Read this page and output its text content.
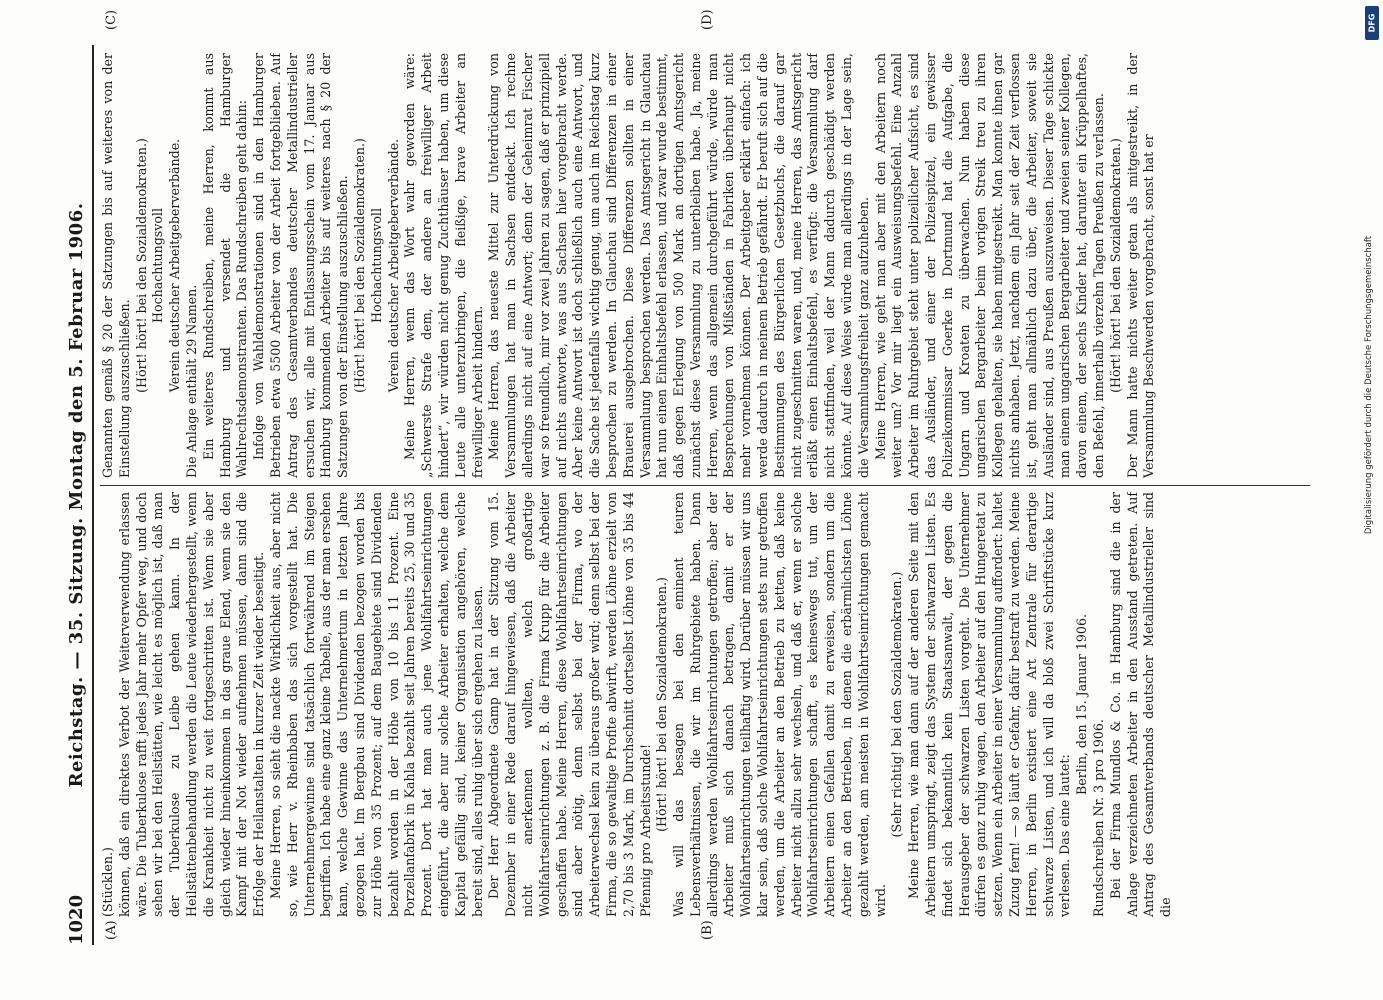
1020
Reichstag. — 35. Sitzung. Montag den 5. Februar 1906.
(A)	(B)
(C)	(D)

(Stücklen.) können, daß ein direktes Verbot der Weiterverwendung erlassen wäre. Die Tuberkulose rafft jedes Jahr mehr Opfer weg, und doch sehen wir bei den Heilstätten, wie leicht es möglich ist, daß man der Tuberkulose zu Leibe gehen kann. In der Heilstättenbehandlung werden die Leute wiederhergestellt, wenn die Krankheit nicht zu weit fortgeschritten ist. Wenn sie aber gleich wieder hineinkommen in das graue Elend, wenn sie den Kampf mit der Not wieder aufnehmen müssen, dann sind die Erfolge der Heilanstalten in kurzer Zeit wieder beseitigt. Meine Herren, so sieht die nackte Wirklichkeit aus, aber nicht so, wie Herr v. Rheinbaben das sich vorgestellt hat. Die Unternehmergewinne sind tatsächlich fortwährend im Steigen begriffen. Ich habe eine ganz kleine Tabelle, aus der man ersehen kann, welche Gewinne das Unternehmertum in letzten Jahre gezogen hat. Im Bergbau sind Dividenden bezogen worden bis zur Höhe von 35 Prozent; auf dem Baugebiete sind Dividenden bezahlt worden in der Höhe von 10 bis 11 Prozent. Eine Porzellanfabrik in Kahla bezahlt seit Jahren bereits 25, 30 und 35 Prozent. Dort hat man auch jene Wohlfahrtseinrichtungen eingeführt, die aber nur solche Arbeiter erhalten, welche dem Kapital gefällig sind, keiner Organisation angehören, welche bereit sind, alles ruhig über sich ergehen zu lassen. Der Herr Abgeordnete Gamp hat in der Sitzung vom 15. Dezember in einer Rede darauf hingewiesen, daß die Arbeiter nicht anerkennen wollten, welch großartige Wohlfahrtseinrichtungen z. B. die Firma Krupp für die Arbeiter geschaffen habe. Meine Herren, diese Wohlfahrtseinrichtungen sind aber nötig, denn selbst bei der Firma, wo der Arbeiterwechsel kein zu überaus großer wird; denn selbst bei der Firma, die so gewaltige Profite abwirft, werden Löhne erzielt von 2,70 bis 3 Mark, im Durchschnitt dortselbst Löhne von 35 bis 44 Pfennig pro Arbeitsstunde! (Hört! hört! bei den Sozialdemokraten.) Was will das besagen bei den eminent teuren Lebensverhältnissen, die wir im Ruhrgebiete haben. Dann allerdings werden Wohlfahrtseinrichtungen getroffen; aber der Arbeiter muß sich danach betragen, damit er der Wohlfahrtseinrichtungen teilhaftig wird. Darüber müssen wir uns klar sein, daß solche Wohlfahrtseinrichtungen stets nur getroffen werden, um die Arbeiter an den Betrieb zu ketten, daß keine Arbeiter nicht allzu sehr wechseln, und daß er, wenn er solche Wohlfahrtseinrichtungen schafft, es keineswegs tut, um der Arbeitern einen Gefallen damit zu erweisen, sondern um die Arbeiter an den Betrieben, in denen die erbärmlichsten Löhne gezahlt werden, am meisten in Wohlfahrtseinrichtungen gemacht wird.

(Sehr richtig! bei den Sozialdemokraten.) Meine Herren, wie man dann auf der anderen Seite mit den Arbeitern umspringt, zeigt das System der schwarzen Listen. Es findet sich bekanntlich kein Staatsanwalt, der gegen die Herausgeber der schwarzen Listen vorgeht. Die Unternehmer dürfen es ganz ruhig wagen, den Arbeiter auf den Hungeretat zu setzen. Wenn ein Arbeiter in einer Versammlung auffordert: haltet Zuzug fern! — so läuft er Gefahr, dafür bestraft zu werden. Meine Herren, in Berlin existiert eine Art Zentrale für derartige schwarze Listen, und ich will da bloß zwei Schriftstücke kurz verlesen. Das eine lautet:

Berlin, den 15. Januar 1906.

Rundschreiben Nr. 3 pro 1906. Bei der Firma Mundlos & Co. in Hamburg sind die in der Anlage verzeichneten Arbeiter in den Ausstand getreten. Auf Antrag des Gesamtverbands deutscher Metallindustrieller sind die

Genannten gemäß § 20 der Satzungen bis auf weiteres von der Einstellung auszuschließen. (Hört! hört! bei den Sozialdemokraten.) Hochachtungsvoll Verein deutscher Arbeitgeberverbände. Die Anlage enthält 29 Namen. Ein weiteres Rundschreiben, meine Herren, kommt aus Hamburg und versendet die Hamburger Wahlrechtsdemonstranten. Das Rundschreiben geht dahin: Infolge von Wahldemonstrationen sind in den Hamburger Betrieben etwa 5500 Arbeiter von der Arbeit fortgeblieben. Auf Antrag des Gesamtverbandes deutscher Metallindustrieller ersuchen wir, alle mit Entlassungsschein vom 17. Januar aus Hamburg kommenden Arbeiter bis auf weiteres nach § 20 der Satzungen von der Einstellung auszuschließen. (Hört! hört! bei den Sozialdemokraten.) Hochachtungsvoll Verein deutscher Arbeitgeberverbände. Meine Herren, wenn das Wort wahr geworden wäre: „Schwerste Strafe dem, der andere an freiwilliger Arbeit hindert“, wir würden nicht genug Zuchthäuser haben, um diese Leute alle unterzubringen, die fleißige, brave Arbeiter an freiwilliger Arbeit hindern. Meine Herren, das neueste Mittel zur Unterdrückung von Versammlungen hat man in Sachsen entdeckt. Ich rechne allerdings nicht auf eine Antwort; denn der Geheimrat Fischer war so freundlich, mir vor zwei Jahren zu sagen, daß er prinzipiell auf nichts antworte, was aus Sachsen hier vorgebracht werde. Aber keine Antwort ist doch schließlich auch eine Antwort, und die Sache ist jedenfalls wichtig genug, um auch im Reichstag kurz besprochen zu werden. In Glauchau sind Differenzen in einer Brauerei ausgebrochen. Diese Differenzen sollten in einer Versammlung besprochen werden. Das Amtsgericht in Glauchau hat nun einen Einhaltsbefehl erlassen, und zwar wurde bestimmt, daß gegen Erlegung von 500 Mark an dortigen Amtsgericht zunächst diese Versammlung zu unterbleiben habe. Ja, meine Herren, wenn das allgemein durchgeführt würde, würde man Besprechungen von Mißständen in Fabriken überhaupt nicht mehr vornehmen können. Der Arbeitgeber erklärt einfach: ich werde dadurch in meinem Betrieb gefährdt. Er beruft sich auf die Bestimmungen des Bürgerlichen Gesetzbuchs, die darauf gar nicht zugeschnitten waren, und, meine Herren, das Amtsgericht erläßt einen Einhaltsbefehl, es verfügt: die Versammlung darf nicht stattfinden, weil der Mann dadurch geschädigt werden könnte. Auf diese Weise würde man allerdings in der Lage sein, die Versammlungsfreiheit ganz aufzuheben. Meine Herren, wie geht man aber mit den Arbeitern noch weiter um? Vor mir liegt ein Ausweisungsbefehl. Eine Anzahl Arbeiter im Ruhrgebiet steht unter polizeilicher Aufsicht, es sind das Ausländer, und einer der Polizeispitzel, ein gewisser Polizeikommissar Goerke in Dortmund hat die Aufgabe, die Ungarn und Kroaten zu überwachen. Nun haben diese ungarischen Bergarbeiter beim vorigen Streik treu zu ihren Kollegen gehalten, sie haben mitgestreikt. Man konnte ihnen gar nichts anhaben. Jetzt, nachdem ein Jahr seit der Zeit verflossen ist, geht man allmählich dazu über, die Arbeiter, soweit sie Ausländer sind, aus Preußen auszuweisen. Dieser Tage schickte man einem ungarischen Bergarbeiter und zweien seiner Kollegen, davon einem, der sechs Kinder hat, darunter ein Krüppelhaftes, den Befehl, innerhalb vierzehn Tagen Preußen zu verlassen. (Hört! hört! bei den Sozialdemokraten.) Der Mann hatte nichts weiter getan als mitgestreikt, in der Versammlung Beschwerden vorgebracht, sonst hat er

DFG
Digitalisierung gefördert durch die Deutsche Forschungsgemeinschaft
